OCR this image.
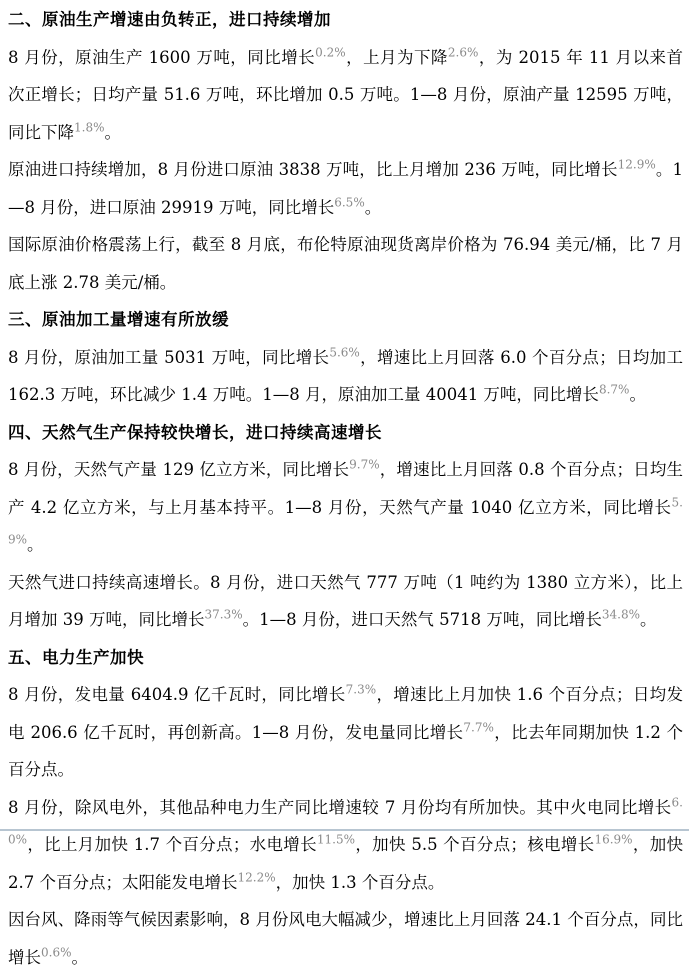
二、原油生产增速由负转正，进口持续增加

8 月份，原油生产 1600 万吨，同比增长$^{0.2\%}$，上月为下降$^{2.6\%}$，为 2015 年 11 月以来首次正增长；日均产量 51.6 万吨，环比增加 0.5 万吨。1—8 月份，原油产量 12595 万吨，同比下降$^{1.8\%}$。

原油进口持续增加，8 月份进口原油 3838 万吨，比上月增加 236 万吨，同比增长$^{12.9\%}$。1—8 月份，进口原油 29919 万吨，同比增长$^{6.5\%}$。

国际原油价格震荡上行，截至 8 月底，布伦特原油现货离岸价格为 76.94 美元/桶，比 7 月底上涨 2.78 美元/桶。

三、原油加工量增速有所放缓

8 月份，原油加工量 5031 万吨，同比增长$^{5.6\%}$，增速比上月回落 6.0 个百分点；日均加工 162.3 万吨，环比减少 1.4 万吨。1—8 月，原油加工量 40041 万吨，同比增长$^{8.7\%}$。

四、天然气生产保持较快增长，进口持续高速增长

8 月份，天然气产量 129 亿立方米，同比增长$^{9.7\%}$，增速比上月回落 0.8 个百分点；日均生产 4.2 亿立方米，与上月基本持平。1—8 月份，天然气产量 1040 亿立方米，同比增长$^{5.9\%}$。

天然气进口持续高速增长。8 月份，进口天然气 777 万吨（1 吨约为 1380 立方米），比上月增加 39 万吨，同比增长$^{37.3\%}$。1—8 月份，进口天然气 5718 万吨，同比增长$^{34.8\%}$。

五、电力生产加快

8 月份，发电量 6404.9 亿千瓦时，同比增长$^{7.3\%}$，增速比上月加快 1.6 个百分点；日均发电 206.6 亿千瓦时，再创新高。1—8 月份，发电量同比增长$^{7.7\%}$，比去年同期加快 1.2 个百分点。

8 月份，除风电外，其他品种电力生产同比增速较 7 月份均有所加快。其中火电同比增长$^{6.0\%}$，比上月加快 1.7 个百分点；水电增长$^{11.5\%}$，加快 5.5 个百分点；核电增长$^{16.9\%}$，加快 2.7 个百分点；太阳能发电增长$^{12.2\%}$，加快 1.3 个百分点。

因台风、降雨等气候因素影响，8 月份风电大幅减少，增速比上月回落 24.1 个百分点，同比增长$^{0.6\%}$。
